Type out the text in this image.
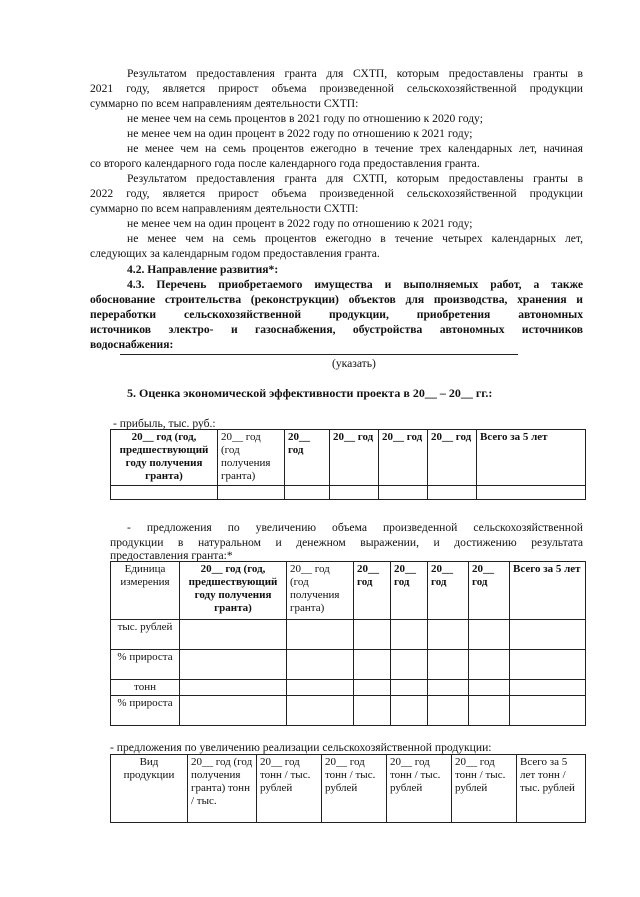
Результатом предоставления гранта для СХТП, которым предоставлены гранты в
2021 году, является прирост объема произведенной сельскохозяйственной продукции
суммарно по всем направлениям деятельности СХТП:
не менее чем на семь процентов в 2021 году по отношению к 2020 году;
не менее чем на один процент в 2022 году по отношению к 2021 году;
не менее чем на семь процентов ежегодно в течение трех календарных лет, начиная
со второго календарного года после календарного года предоставления гранта.
Результатом предоставления гранта для СХТП, которым предоставлены гранты в
2022 году, является прирост объема произведенной сельскохозяйственной продукции
суммарно по всем направлениям деятельности СХТП:
не менее чем на один процент в 2022 году по отношению к 2021 году;
не менее чем на семь процентов ежегодно в течение четырех календарных лет,
следующих за календарным годом предоставления гранта.
4.2. Направление развития*:
4.3. Перечень приобретаемого имущества и выполняемых работ, а также
обоснование строительства (реконструкции) объектов для производства, хранения и
переработки сельскохозяйственной продукции, приобретения автономных
источников электро- и газоснабжения, обустройства автономных источников
водоснабжения:
(указать)
5. Оценка экономической эффективности проекта в 20__ – 20__ гг.:
- прибыль, тыс. руб.:
20__ год (год, предшествующий году получения гранта)	20__ год (год получения гранта)	20__ год	20__ год	20__ год	20__ год	Всего за 5 лет

- предложения по увеличению объема произведенной сельскохозяйственной
продукции в натуральном и денежном выражении, и достижению результата
предоставления гранта:*
Единица измерения	20__ год (год, предшествующий году получения гранта)	20__ год (год получения гранта)	20__ год	20__ год	20__ год	20__ год	Всего за 5 лет
тыс. рублей							
% прироста							
тонн							
% прироста							
- предложения по увеличению реализации сельскохозяйственной продукции:
Вид продукции	20__ год (год получения гранта) тонн / тыс.	20__ год тонн / тыс. рублей	20__ год тонн / тыс. рублей	20__ год тонн / тыс. рублей	20__ год тонн / тыс. рублей	Всего за 5 лет тонн / тыс. рублей
